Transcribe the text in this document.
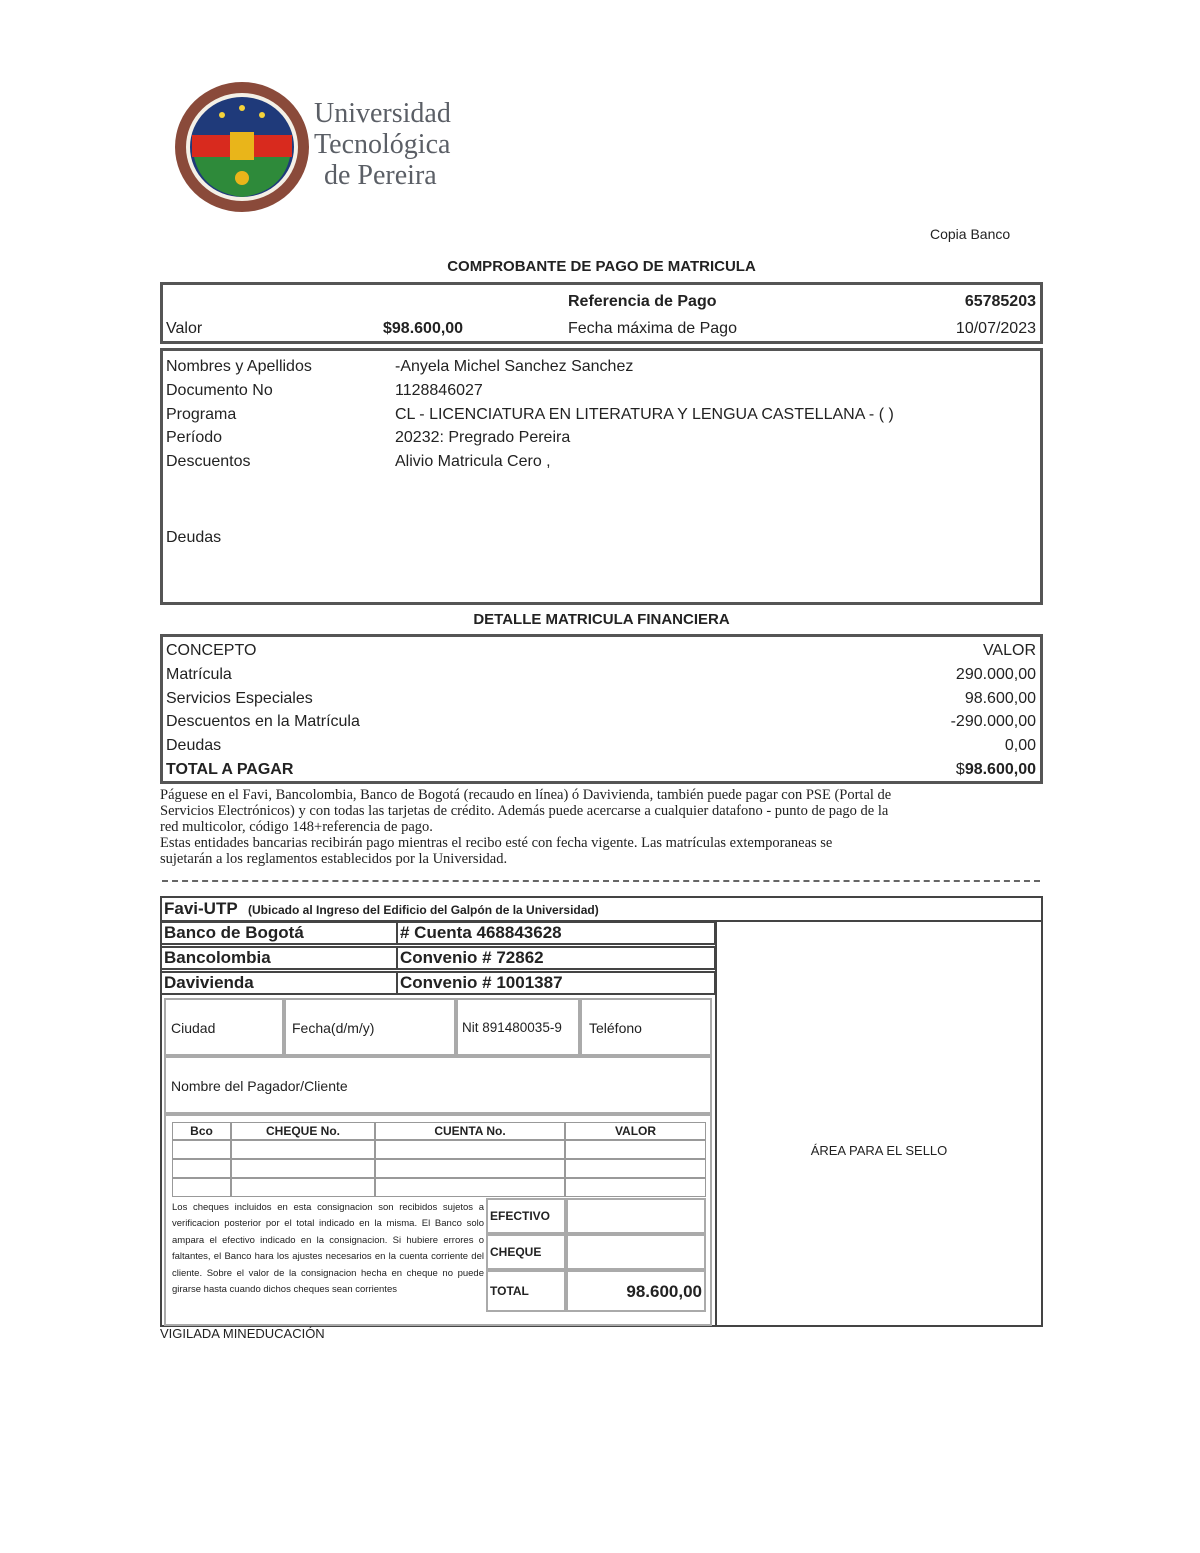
Universidad
Tecnológica
de Pereira
Copia Banco
COMPROBANTE DE PAGO DE MATRICULA
Referencia de Pago	65785203
Valor	$98.600,00	Fecha máxima de Pago	10/07/2023
Nombres y Apellidos	-Anyela Michel Sanchez Sanchez
Documento No	1128846027
Programa	CL - LICENCIATURA EN LITERATURA Y LENGUA CASTELLANA - ( )
Período	20232: Pregrado Pereira
Descuentos	Alivio Matricula Cero ,
Deudas
DETALLE MATRICULA FINANCIERA
CONCEPTO	VALOR
Matrícula	290.000,00
Servicios Especiales	98.600,00
Descuentos en la Matrícula	-290.000,00
Deudas	0,00
TOTAL A PAGAR	$98.600,00
Páguese en el Favi, Bancolombia, Banco de Bogotá (recaudo en línea) ó Davivienda, también puede pagar con PSE (Portal de
Servicios Electrónicos) y con todas las tarjetas de crédito. Además puede acercarse a cualquier datafono - punto de pago de la
red multicolor, código 148+referencia de pago.
Estas entidades bancarias recibirán pago mientras el recibo esté con fecha vigente. Las matrículas extemporaneas se
sujetarán a los reglamentos establecidos por la Universidad.
Favi-UTP (Ubicado al Ingreso del Edificio del Galpón de la Universidad)
Banco de Bogotá	# Cuenta 468843628
Bancolombia	Convenio # 72862
Davivienda	Convenio # 1001387
Ciudad	Fecha(d/m/y)	Nit 891480035-9 Teléfono
Nombre del Pagador/Cliente
Bco	CHEQUE No.	CUENTA No.	VALOR
Los cheques incluidos en esta consignacion son recibidos sujetos a verificacion posterior por el total indicado en la misma. El Banco solo ampara el efectivo indicado en la consignacion. Si hubiere errores o faltantes, el Banco hara los ajustes necesarios en la cuenta corriente del cliente. Sobre el valor de la consignacion hecha en cheque no puede girarse hasta cuando dichos cheques sean corrientes
EFECTIVO
CHEQUE
TOTAL	98.600,00
ÁREA PARA EL SELLO
VIGILADA MINEDUCACIÓN
